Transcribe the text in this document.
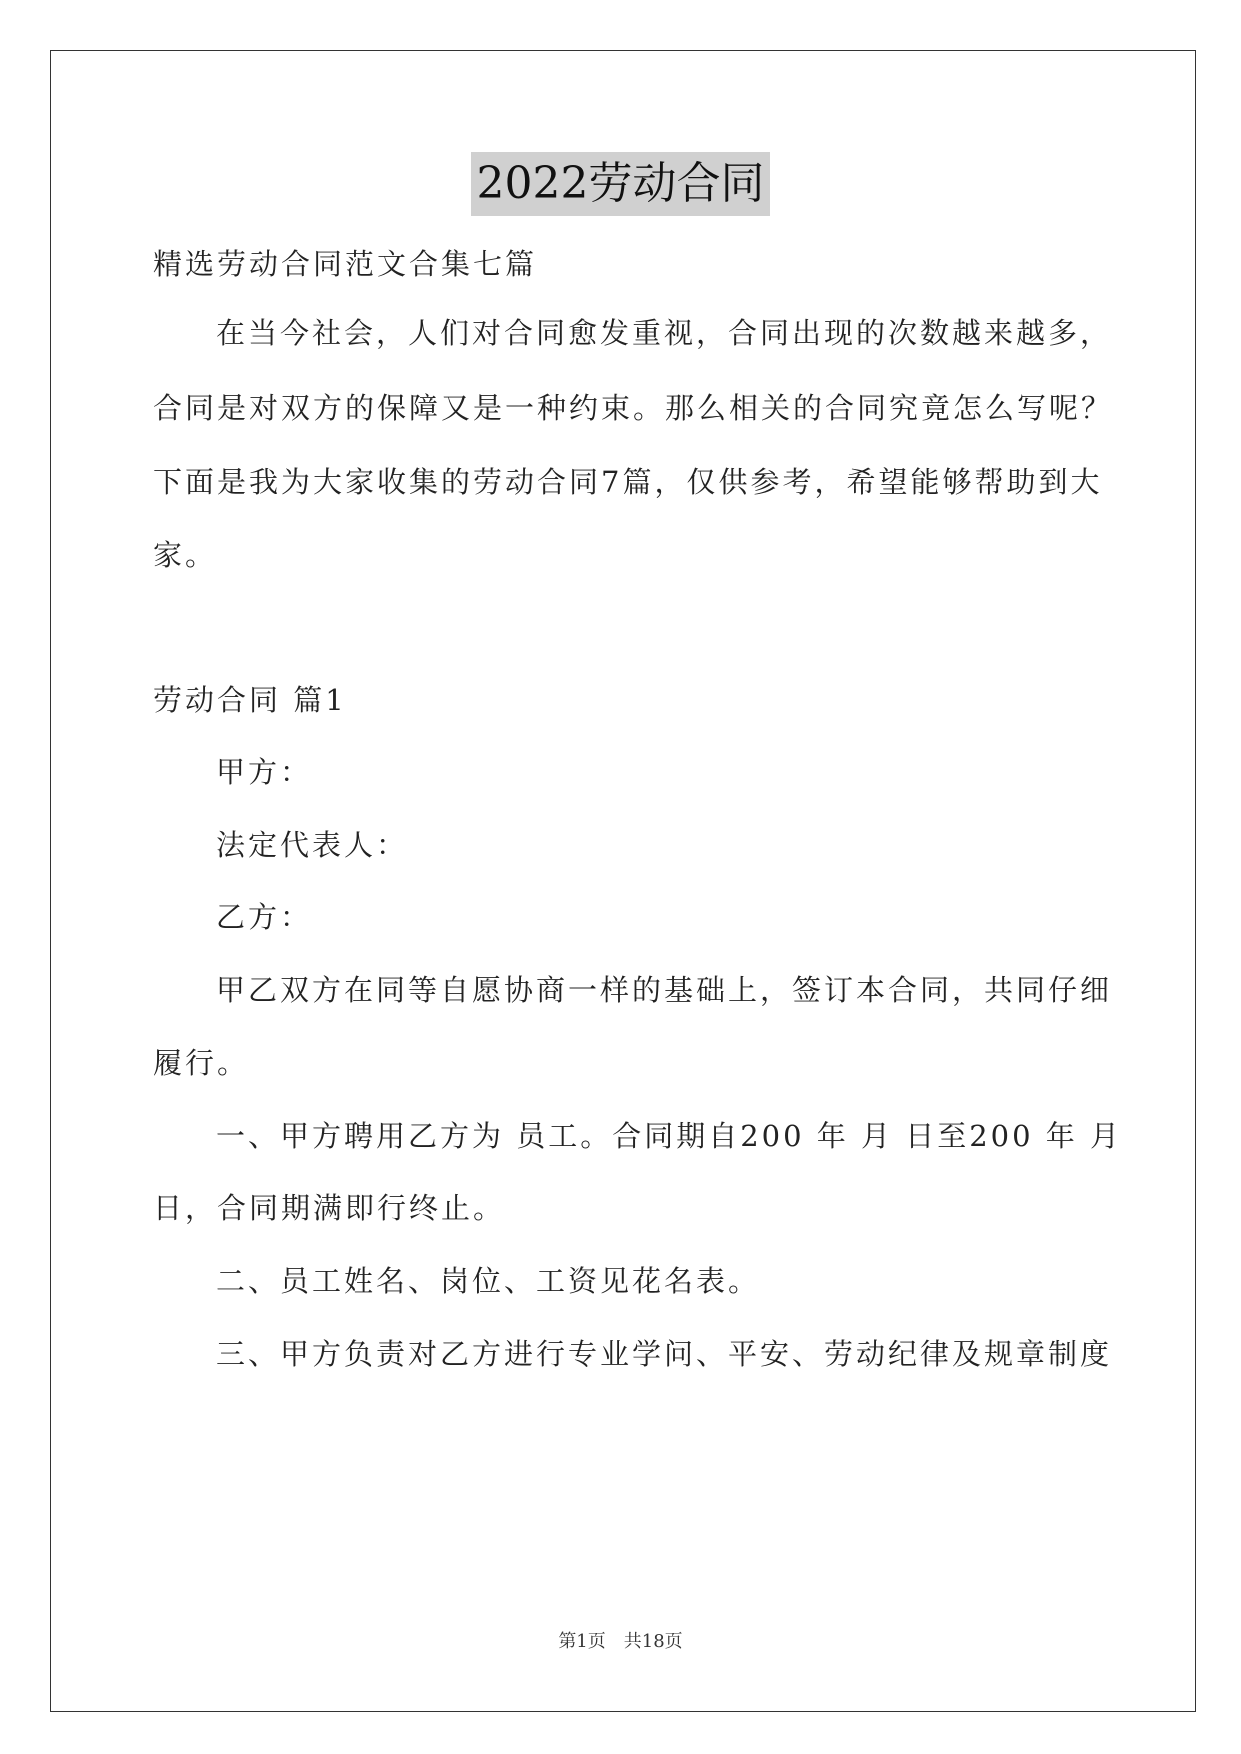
2022劳动合同
精选劳动合同范文合集七篇
在当今社会，人们对合同愈发重视，合同出现的次数越来越多，
合同是对双方的保障又是一种约束。那么相关的合同究竟怎么写呢？
下面是我为大家收集的劳动合同7篇，仅供参考，希望能够帮助到大
家。
劳动合同 篇1
甲方：
法定代表人：
乙方：
甲乙双方在同等自愿协商一样的基础上，签订本合同，共同仔细
履行。
一、甲方聘用乙方为 员工。合同期自200 年 月 日至200 年 月
日，合同期满即行终止。
二、员工姓名、岗位、工资见花名表。
三、甲方负责对乙方进行专业学问、平安、劳动纪律及规章制度
第1页　共18页
